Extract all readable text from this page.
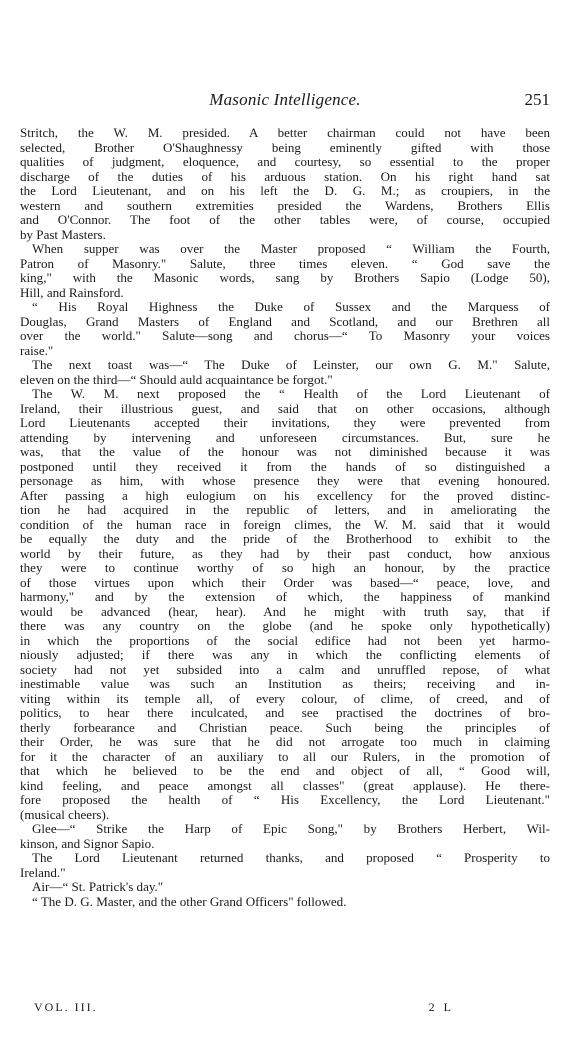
Masonic Intelligence.	251
Stritch, the W. M. presided. A better chairman could not have been
selected, Brother O'Shaughnessy being eminently gifted with those
qualities of judgment, eloquence, and courtesy, so essential to the proper
discharge of the duties of his arduous station. On his right hand sat
the Lord Lieutenant, and on his left the D. G. M.; as croupiers, in the
western and southern extremities presided the Wardens, Brothers Ellis
and O'Connor. The foot of the other tables were, of course, occupied
by Past Masters.
When supper was over the Master proposed “ William the Fourth,
Patron of Masonry." Salute, three times eleven. “ God save the
king," with the Masonic words, sang by Brothers Sapio (Lodge 50),
Hill, and Rainsford.
“ His Royal Highness the Duke of Sussex and the Marquess of
Douglas, Grand Masters of England and Scotland, and our Brethren all
over the world." Salute—song and chorus—“ To Masonry your voices
raise."
The next toast was—“ The Duke of Leinster, our own G. M." Salute,
eleven on the third—“ Should auld acquaintance be forgot."
The W. M. next proposed the “ Health of the Lord Lieutenant of
Ireland, their illustrious guest, and said that on other occasions, although
Lord Lieutenants accepted their invitations, they were prevented from
attending by intervening and unforeseen circumstances. But, sure he
was, that the value of the honour was not diminished because it was
postponed until they received it from the hands of so distinguished a
personage as him, with whose presence they were that evening honoured.
After passing a high eulogium on his excellency for the proved distinc-
tion he had acquired in the republic of letters, and in ameliorating the
condition of the human race in foreign climes, the W. M. said that it would
be equally the duty and the pride of the Brotherhood to exhibit to the
world by their future, as they had by their past conduct, how anxious
they were to continue worthy of so high an honour, by the practice
of those virtues upon which their Order was based—“ peace, love, and
harmony," and by the extension of which, the happiness of mankind
would be advanced (hear, hear). And he might with truth say, that if
there was any country on the globe (and he spoke only hypothetically)
in which the proportions of the social edifice had not been yet harmo-
niously adjusted; if there was any in which the conflicting elements of
society had not yet subsided into a calm and unruffled repose, of what
inestimable value was such an Institution as theirs; receiving and in-
viting within its temple all, of every colour, of clime, of creed, and of
politics, to hear there inculcated, and see practised the doctrines of bro-
therly forbearance and Christian peace. Such being the principles of
their Order, he was sure that he did not arrogate too much in claiming
for it the character of an auxiliary to all our Rulers, in the promotion of
that which he believed to be the end and object of all, “ Good will,
kind feeling, and peace amongst all classes" (great applause). He there-
fore proposed the health of “ His Excellency, the Lord Lieutenant."
(musical cheers).
Glee—“ Strike the Harp of Epic Song," by Brothers Herbert, Wil-
kinson, and Signor Sapio.
The Lord Lieutenant returned thanks, and proposed “ Prosperity to
Ireland."
Air—“ St. Patrick's day."
“ The D. G. Master, and the other Grand Officers" followed.
VOL. III.	2 L
